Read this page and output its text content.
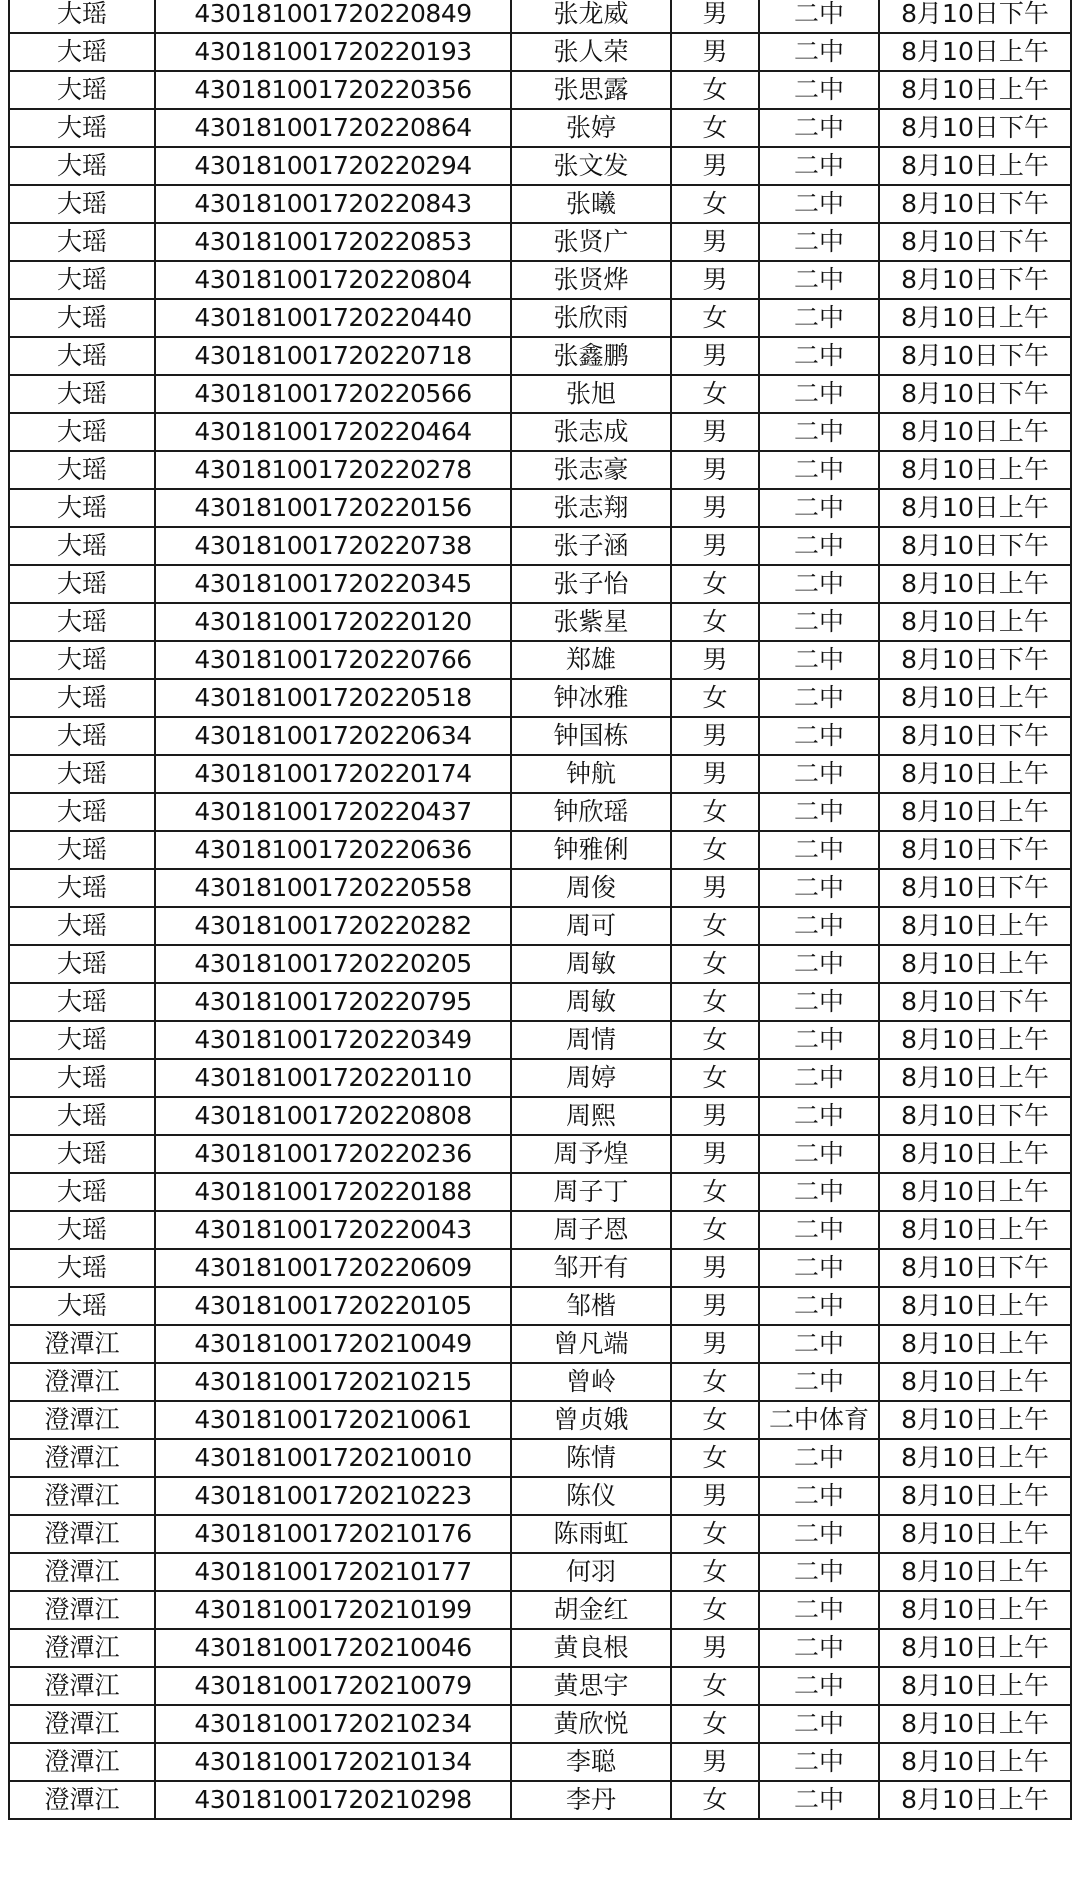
大瑶	430181001720220849	张龙威	男	二中	8月10日下午
大瑶	430181001720220193	张人荣	男	二中	8月10日上午
大瑶	430181001720220356	张思露	女	二中	8月10日上午
大瑶	430181001720220864	张婷	女	二中	8月10日下午
大瑶	430181001720220294	张文发	男	二中	8月10日上午
大瑶	430181001720220843	张曦	女	二中	8月10日下午
大瑶	430181001720220853	张贤广	男	二中	8月10日下午
大瑶	430181001720220804	张贤烨	男	二中	8月10日下午
大瑶	430181001720220440	张欣雨	女	二中	8月10日上午
大瑶	430181001720220718	张鑫鹏	男	二中	8月10日下午
大瑶	430181001720220566	张旭	女	二中	8月10日下午
大瑶	430181001720220464	张志成	男	二中	8月10日上午
大瑶	430181001720220278	张志豪	男	二中	8月10日上午
大瑶	430181001720220156	张志翔	男	二中	8月10日上午
大瑶	430181001720220738	张子涵	男	二中	8月10日下午
大瑶	430181001720220345	张子怡	女	二中	8月10日上午
大瑶	430181001720220120	张紫星	女	二中	8月10日上午
大瑶	430181001720220766	郑雄	男	二中	8月10日下午
大瑶	430181001720220518	钟冰雅	女	二中	8月10日上午
大瑶	430181001720220634	钟国栋	男	二中	8月10日下午
大瑶	430181001720220174	钟航	男	二中	8月10日上午
大瑶	430181001720220437	钟欣瑶	女	二中	8月10日上午
大瑶	430181001720220636	钟雅俐	女	二中	8月10日下午
大瑶	430181001720220558	周俊	男	二中	8月10日下午
大瑶	430181001720220282	周可	女	二中	8月10日上午
大瑶	430181001720220205	周敏	女	二中	8月10日上午
大瑶	430181001720220795	周敏	女	二中	8月10日下午
大瑶	430181001720220349	周情	女	二中	8月10日上午
大瑶	430181001720220110	周婷	女	二中	8月10日上午
大瑶	430181001720220808	周熙	男	二中	8月10日下午
大瑶	430181001720220236	周予煌	男	二中	8月10日上午
大瑶	430181001720220188	周子丁	女	二中	8月10日上午
大瑶	430181001720220043	周子恩	女	二中	8月10日上午
大瑶	430181001720220609	邹开有	男	二中	8月10日下午
大瑶	430181001720220105	邹楷	男	二中	8月10日上午
澄潭江	430181001720210049	曾凡端	男	二中	8月10日上午
澄潭江	430181001720210215	曾岭	女	二中	8月10日上午
澄潭江	430181001720210061	曾贞娥	女	二中体育	8月10日上午
澄潭江	430181001720210010	陈情	女	二中	8月10日上午
澄潭江	430181001720210223	陈仪	男	二中	8月10日上午
澄潭江	430181001720210176	陈雨虹	女	二中	8月10日上午
澄潭江	430181001720210177	何羽	女	二中	8月10日上午
澄潭江	430181001720210199	胡金红	女	二中	8月10日上午
澄潭江	430181001720210046	黄良根	男	二中	8月10日上午
澄潭江	430181001720210079	黄思宇	女	二中	8月10日上午
澄潭江	430181001720210234	黄欣悦	女	二中	8月10日上午
澄潭江	430181001720210134	李聪	男	二中	8月10日上午
澄潭江	430181001720210298	李丹	女	二中	8月10日上午
